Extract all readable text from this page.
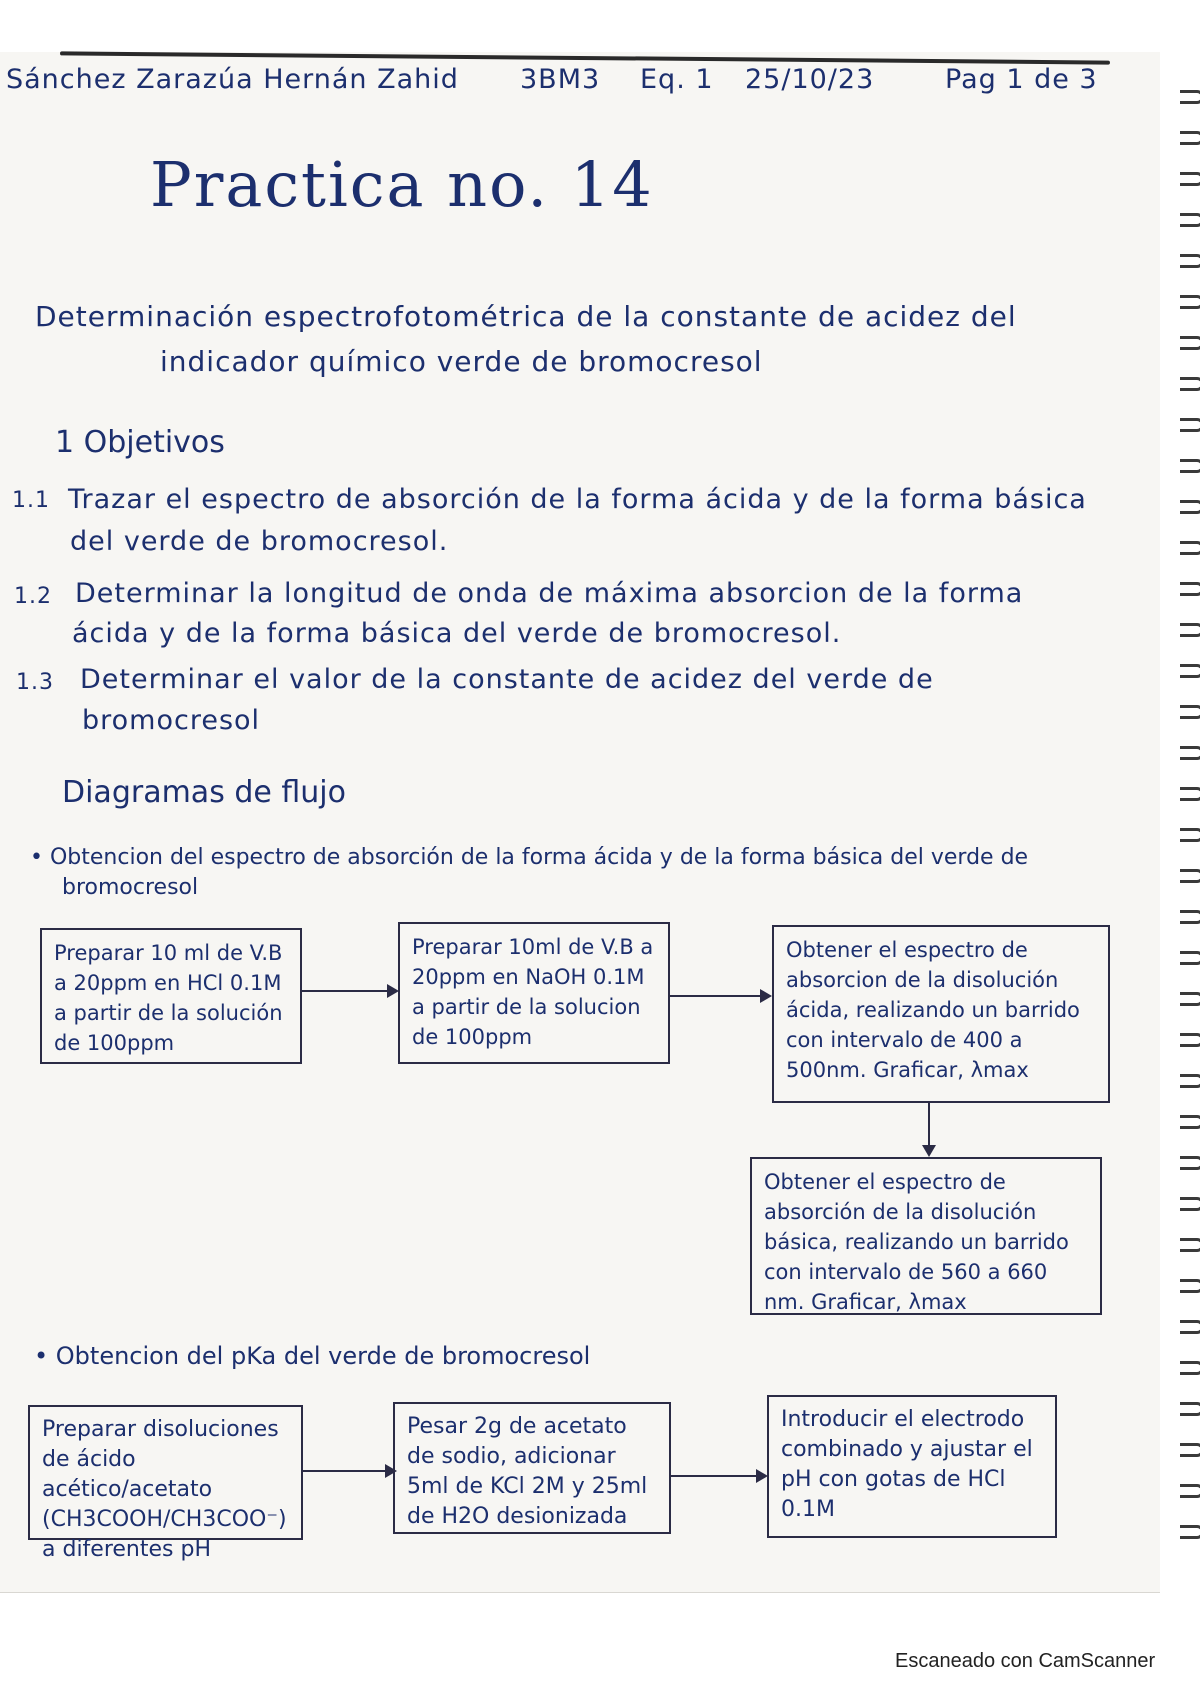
Sánchez Zarazúa Hernán Zahid 3BM3 Eq. 1 25/10/23	Pag 1 de 3
Practica no. 14
Determinación espectrofotométrica de la constante de acidez del
indicador químico verde de bromocresol
1 Objetivos
1.1 Trazar el espectro de absorción de la forma ácida y de la forma básica
del verde de bromocresol.
1.2 Determinar la longitud de onda de máxima absorcion de la forma
ácida y de la forma básica del verde de bromocresol.
1.3 Determinar el valor de la constante de acidez del verde de
bromocresol
Diagramas de flujo
• Obtencion del espectro de absorción de la forma ácida y de la forma básica del verde de
bromocresol
Preparar 10 ml de V.B a 20ppm en HCl 0.1M a partir de la solución de 100ppm
Preparar 10ml de V.B a 20ppm en NaOH 0.1M a partir de la solucion de 100ppm
Obtener el espectro de absorcion de la disolución ácida, realizando un barrido con intervalo de 400 a 500nm. Graficar, λmax
Obtener el espectro de absorción de la disolución básica, realizando un barrido con intervalo de 560 a 660 nm. Graficar, λmax
• Obtencion del pKa del verde de bromocresol
Preparar disoluciones de ácido acético/acetato (CH3COOH/CH3COO⁻) a diferentes pH
Pesar 2g de acetato de sodio, adicionar 5ml de KCl 2M y 25ml de H2O desionizada
Introducir el electrodo combinado y ajustar el pH con gotas de HCl 0.1M
Escaneado con CamScanner
